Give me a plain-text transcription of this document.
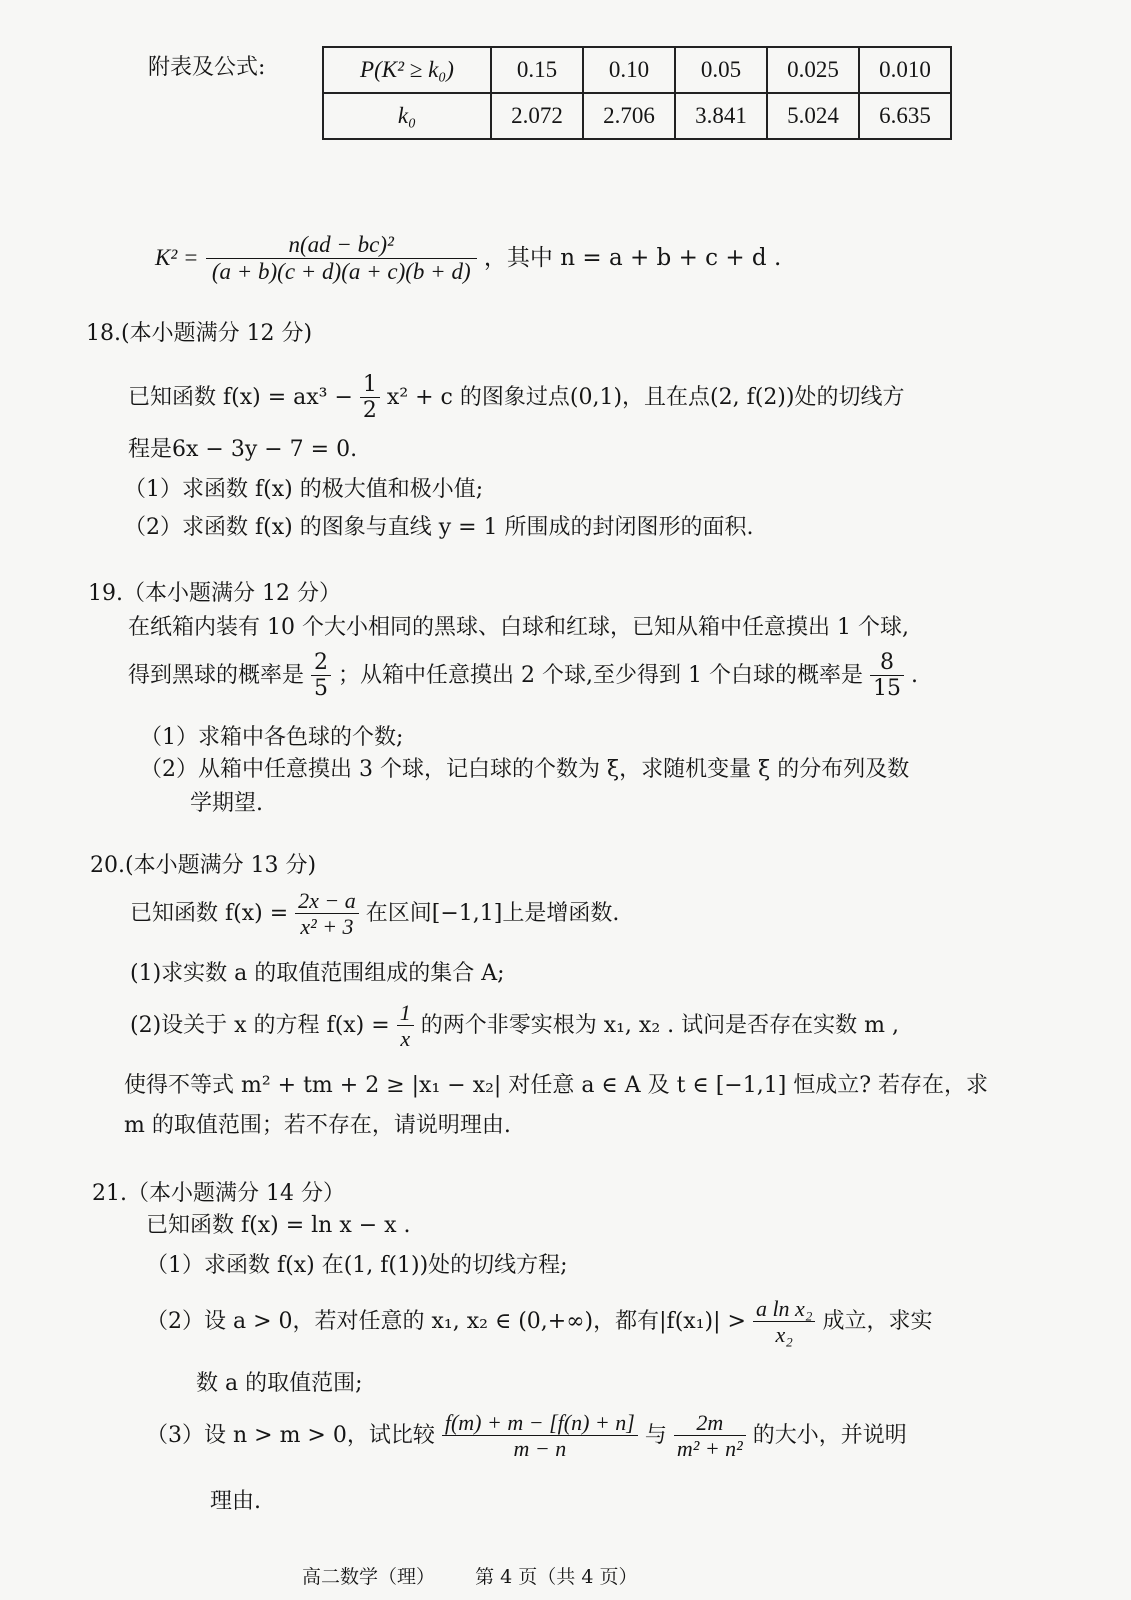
附表及公式:	P(K² ≥ k₀)	0.15	0.10	0.05	0.025	0.010
k₀	2.072	2.706	3.841	5.024	6.635
$K^2 = \frac{\text{n(ad − bc)²}}{(a + b)(c + d)(a + c)(b + d)}$ ，其中 n = a + b + c + d .
18.(本小题满分 12 分)
已知函数 $f(x) = ax^3 - \frac{1}{2} x^2 + c$ 的图象过点(0,1)，且在点(2, f(2))处的切线方
程是6x − 3y − 7 = 0.
（1）求函数 f(x) 的极大值和极小值;
（2）求函数 f(x) 的图象与直线 y = 1 所围成的封闭图形的面积.
19.（本小题满分 12 分）
在纸箱内装有 10 个大小相同的黑球、白球和红球，已知从箱中任意摸出 1 个球,
得到黑球的概率是 $\frac{2}{5}$ ；从箱中任意摸出 2 个球,至少得到 1 个白球的概率是 $\frac{8}{15}$ .
（1）求箱中各色球的个数;
（2）从箱中任意摸出 3 个球，记白球的个数为 ξ，求随机变量 ξ 的分布列及数
学期望.
20.(本小题满分 13 分)
已知函数 $f(x) = \frac{2x - a}{\text{x² + 3}}$ 在区间[−1,1]上是增函数.
(1)求实数 a 的取值范围组成的集合 A;
(2)设关于 x 的方程 $f(x) = \frac{1}{x}$ 的两个非零实根为 x₁, x₂ . 试问是否存在实数 m ,
使得不等式 m² + tm + 2 ≥ |x₁ − x₂| 对任意 a ∈ A 及 t ∈ [−1,1] 恒成立? 若存在，求
m 的取值范围；若不存在，请说明理由.
21.（本小题满分 14 分）
已知函数 f(x) = ln x − x .
（1）求函数 f(x) 在(1, f(1))处的切线方程;
（2）设 a > 0，若对任意的 x₁, x₂ ∈ (0,+∞)，都有$|f(x_1)| > \frac{\text{a ln x₂}}{\text{x₂}}$ 成立，求实
数 a 的取值范围;
（3）设 n > m > 0，试比较 $\frac{f(m) + m - [f(n) + n]}{m - n}$ 与 $\frac{2m}{\text{m² + n²}}$ 的大小，并说明
理由.
高二数学（理） 第 4 页（共 4 页）
